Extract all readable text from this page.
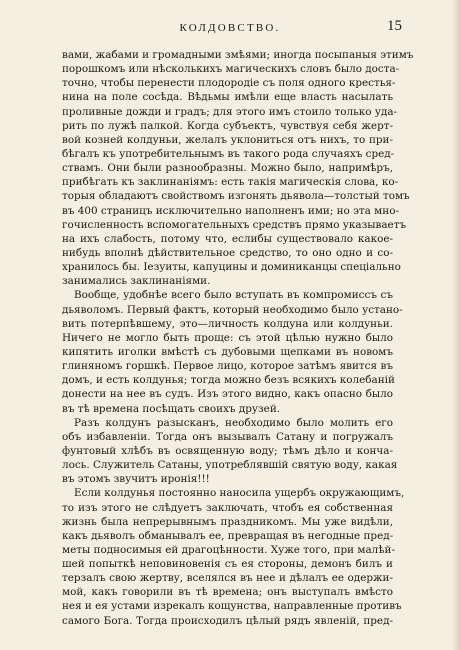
КОЛДОВСТВО.	15
вами, жабами и громадными змѣями; иногда посыпаныя этимъ
порошкомъ или нѣсколькихъ магическихъ словъ было доста-
точно, чтобы перенести плодородіе съ поля одного крестья-
нина на поле сосѣда. Вѣдьмы имѣли еще власть насылать
проливные дожди и градъ; для этого имъ стоило только уда-
рить по лужѣ палкой. Когда субъектъ, чувствуя себя жерт-
вой козней колдуньи, желалъ уклониться отъ нихъ, то при-
бѣгалъ къ употребительнымъ въ такого рода случаяхъ сред-
ствамъ. Они были разнообразны. Можно было, напримѣръ,
прибѣгать къ заклинаніямъ: есть такія магическія слова, ко-
торыя обладаютъ свойствомъ изгонять дьявола—толстый томъ
въ 400 страницъ исключительно наполненъ ими; но эта мно-
гочисленность вспомогательныхъ средствъ прямо указываетъ
на ихъ слабость, потому что, еслибы существовало какое-
нибудь вполнѣ дѣйствительное средство, то оно одно и со-
хранилось бы. Іезуиты, капуцины и доминиканцы спеціально
занимались заклинаніями.
Вообще, удобнѣе всего было вступать въ компромиссъ съ
дьяволомъ. Первый фактъ, который необходимо было устано-
вить потерпѣвшему, это—личность колдуна или колдуньи.
Ничего не могло быть проще: съ этой цѣлью нужно было
кипятить иголки вмѣстѣ съ дубовыми щепками въ новомъ
глиняномъ горшкѣ. Первое лицо, которое затѣмъ явится въ
домъ, и есть колдунья; тогда можно безъ всякихъ колебаній
донести на нее въ судъ. Изъ этого видно, какъ опасно было
въ тѣ времена посѣщать своихъ друзей.
Разъ колдунъ разысканъ, необходимо было молить его
объ избавленіи. Тогда онъ вызывалъ Сатану и погружалъ
фунтовый хлѣбъ въ освященную воду; тѣмъ дѣло и конча-
лось. Служитель Сатаны, употреблявшій святую воду, какая
въ этомъ звучитъ иронія!!!
Если колдунья постоянно наносила ущербъ окружающимъ,
то изъ этого не слѣдуетъ заключать, чтобъ ея собственная
жизнь была непрерывнымъ праздникомъ. Мы уже видѣли,
какъ дьяволъ обманывалъ ее, превращая въ негодные пред-
меты подносимыя ей драгоцѣнности. Хуже того, при малѣй-
шей попыткѣ неповиновенія съ ея стороны, демонъ билъ и
терзалъ свою жертву, вселялся въ нее и дѣлалъ ее одержи-
мой, какъ говорили въ тѣ времена; онъ выступалъ вмѣсто
нея и ея устами изрекалъ кощунства, направленные противъ
самого Бога. Тогда происходилъ цѣлый рядъ явленій, пред-
